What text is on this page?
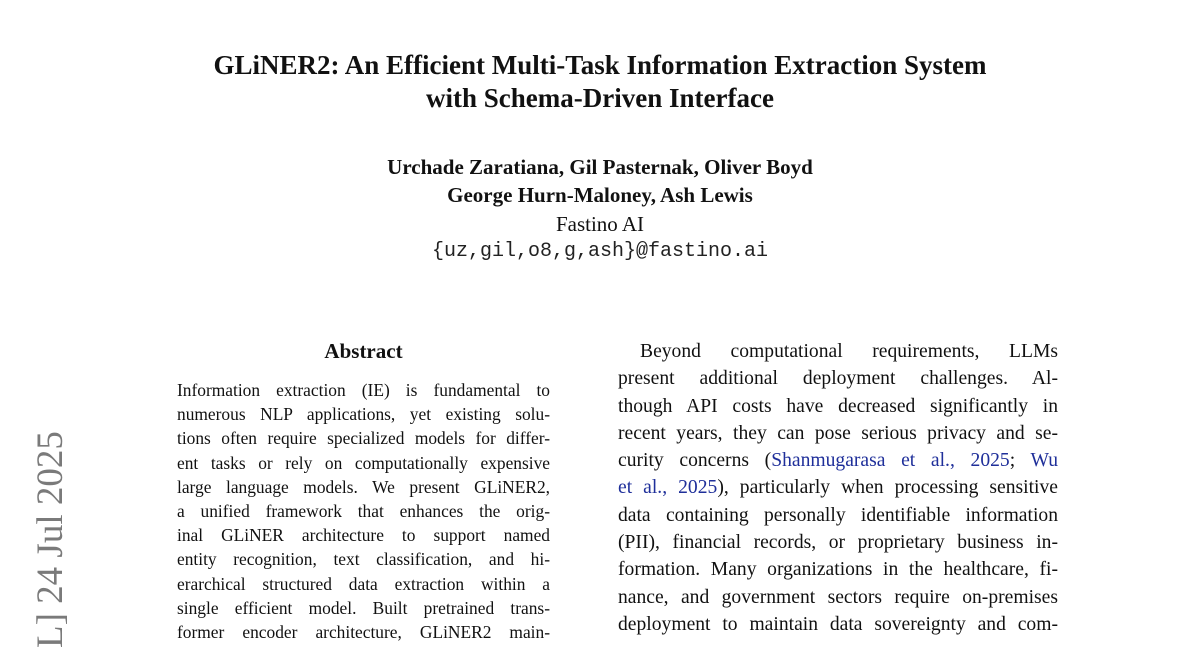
GLiNER2: An Efficient Multi-Task Information Extraction System
with Schema-Driven Interface
Urchade Zaratiana, Gil Pasternak, Oliver Boyd
George Hurn-Maloney, Ash Lewis
Fastino AI
{uz,gil,o8,g,ash}@fastino.ai
L] 24 Jul 2025
Abstract
Information extraction (IE) is fundamental to
numerous NLP applications, yet existing solu-
tions often require specialized models for differ-
ent tasks or rely on computationally expensive
large language models. We present GLiNER2,
a unified framework that enhances the orig-
inal GLiNER architecture to support named
entity recognition, text classification, and hi-
erarchical structured data extraction within a
single efficient model. Built pretrained trans-
former encoder architecture, GLiNER2 main-
Beyond computational requirements, LLMs
present additional deployment challenges. Al-
though API costs have decreased significantly in
recent years, they can pose serious privacy and se-
curity concerns (Shanmugarasa et al., 2025; Wu
et al., 2025), particularly when processing sensitive
data containing personally identifiable information
(PII), financial records, or proprietary business in-
formation. Many organizations in the healthcare, fi-
nance, and government sectors require on-premises
deployment to maintain data sovereignty and com-
